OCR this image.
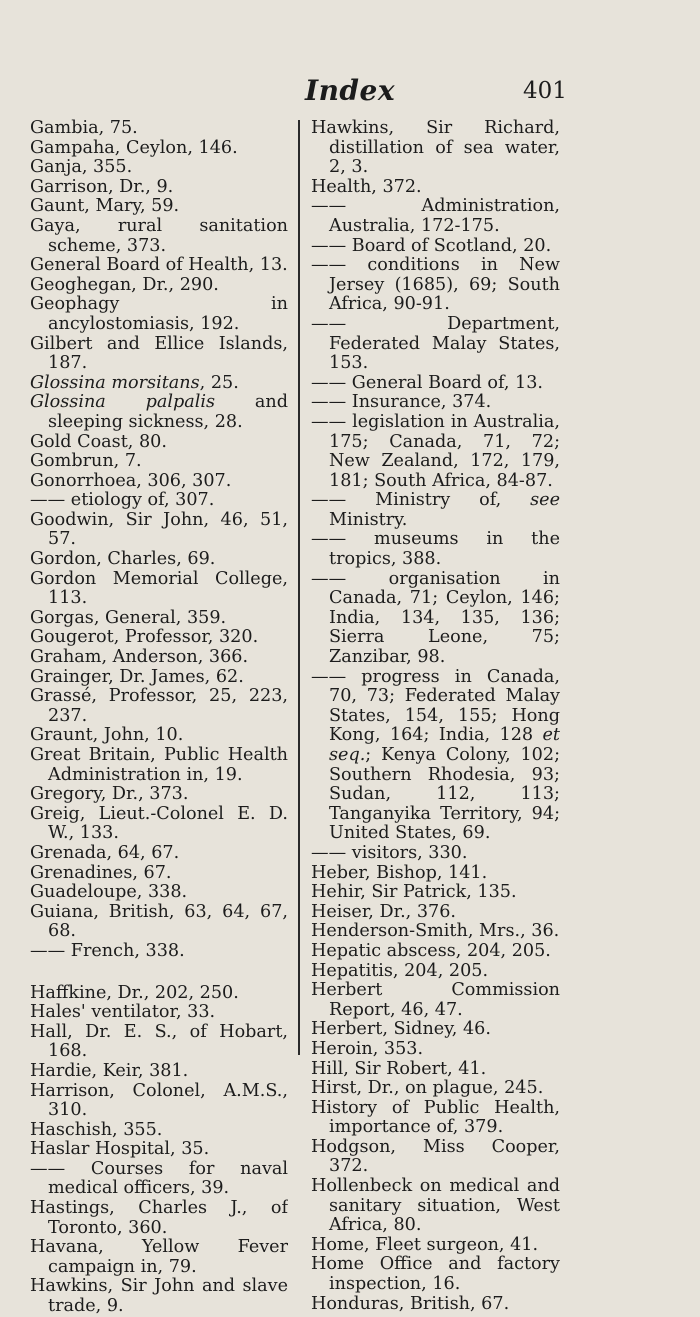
Index	401
Gambia, 75.
Gampaha, Ceylon, 146.
Ganja, 355.
Garrison, Dr., 9.
Gaunt, Mary, 59.
Gaya, rural sanitation scheme, 373.
General Board of Health, 13.
Geoghegan, Dr., 290.
Geophagy in ancylostomiasis, 192.
Gilbert and Ellice Islands, 187.
Glossina morsitans, 25.
Glossina palpalis and sleeping sickness, 28.
Gold Coast, 80.
Gombrun, 7.
Gonorrhoea, 306, 307.
—— etiology of, 307.
Goodwin, Sir John, 46, 51, 57.
Gordon, Charles, 69.
Gordon Memorial College, 113.
Gorgas, General, 359.
Gougerot, Professor, 320.
Graham, Anderson, 366.
Grainger, Dr. James, 62.
Grassé, Professor, 25, 223, 237.
Graunt, John, 10.
Great Britain, Public Health Administration in, 19.
Gregory, Dr., 373.
Greig, Lieut.-Colonel E. D. W., 133.
Grenada, 64, 67.
Grenadines, 67.
Guadeloupe, 338.
Guiana, British, 63, 64, 67, 68.
—— French, 338.
Haffkine, Dr., 202, 250.
Hales' ventilator, 33.
Hall, Dr. E. S., of Hobart, 168.
Hardie, Keir, 381.
Harrison, Colonel, A.M.S., 310.
Haschish, 355.
Haslar Hospital, 35.
—— Courses for naval medical officers, 39.
Hastings, Charles J., of Toronto, 360.
Havana, Yellow Fever campaign in, 79.
Hawkins, Sir John and slave trade, 9.
Hawkins, Sir Richard, distillation of sea water, 2, 3.
Health, 372.
—— Administration, Australia, 172-175.
—— Board of Scotland, 20.
—— conditions in New Jersey (1685), 69; South Africa, 90-91.
—— Department, Federated Malay States, 153.
—— General Board of, 13.
—— Insurance, 374.
—— legislation in Australia, 175; Canada, 71, 72; New Zealand, 172, 179, 181; South Africa, 84-87.
—— Ministry of, see Ministry.
—— museums in the tropics, 388.
—— organisation in Canada, 71; Ceylon, 146; India, 134, 135, 136; Sierra Leone, 75; Zanzibar, 98.
—— progress in Canada, 70, 73; Federated Malay States, 154, 155; Hong Kong, 164; India, 128 et seq.; Kenya Colony, 102; Southern Rhodesia, 93; Sudan, 112, 113; Tanganyika Territory, 94; United States, 69.
—— visitors, 330.
Heber, Bishop, 141.
Hehir, Sir Patrick, 135.
Heiser, Dr., 376.
Henderson-Smith, Mrs., 36.
Hepatic abscess, 204, 205.
Hepatitis, 204, 205.
Herbert Commission Report, 46, 47.
Herbert, Sidney, 46.
Heroin, 353.
Hill, Sir Robert, 41.
Hirst, Dr., on plague, 245.
History of Public Health, importance of, 379.
Hodgson, Miss Cooper, 372.
Hollenbeck on medical and sanitary situation, West Africa, 80.
Home, Fleet surgeon, 41.
Home Office and factory inspection, 16.
Honduras, British, 67.
